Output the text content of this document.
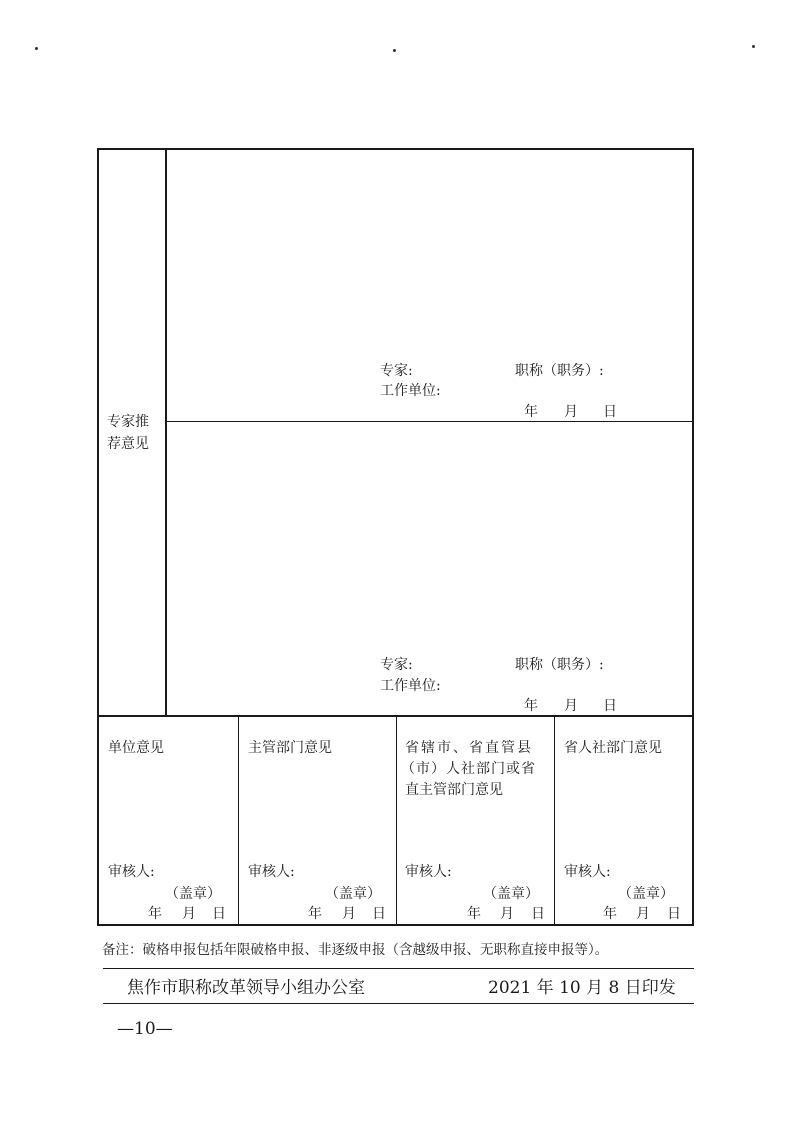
专家推
荐意见
专家:	职称（职务）:
工作单位:
年 月 日
专家:	职称（职务）:
工作单位:
年 月 日
单位意见
审核人:
（盖章）
年 月 日
主管部门意见
审核人:
（盖章）
年 月 日
省辖市、省直管县
（市）人社部门或省
直主管部门意见
审核人:
（盖章）
年 月 日
省人社部门意见
审核人:
（盖章）
年 月 日
备注：破格申报包括年限破格申报、非逐级申报（含越级申报、无职称直接申报等）。
焦作市职称改革领导小组办公室	2021 年 10 月 8 日印发
—10—
